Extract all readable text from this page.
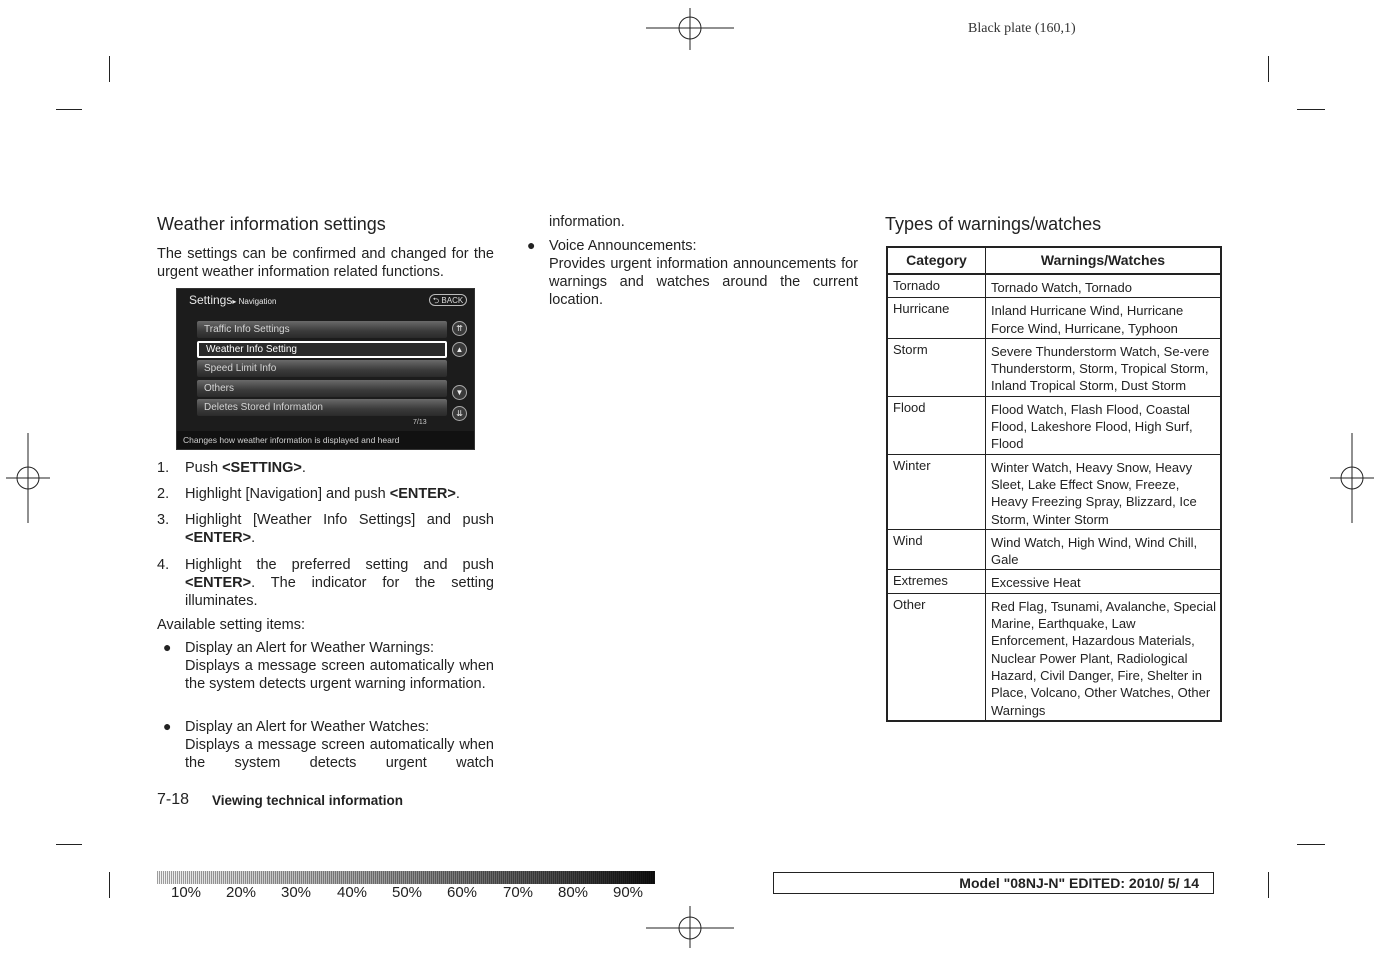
Black plate (160,1)
Weather information settings
The settings can be confirmed and changed for the urgent weather information related functions.
Settings▸ Navigation	⮌ BACK
Traffic Info Settings
Weather Info Setting
Speed Limit Info
Others
Deletes Stored Information
⇈
▲
▼
⇊
7/13
Changes how weather information is displayed and heard
1. Push <SETTING>.
2. Highlight [Navigation] and push <ENTER>.
3. Highlight [Weather Info Settings] and push <ENTER>.
4. Highlight the preferred setting and push <ENTER>. The indicator for the setting illuminates.
Available setting items:
● Display an Alert for Weather Warnings:
Displays a message screen automatically when the system detects urgent warning information.
● Display an Alert for Weather Watches:
Displays a message screen automatically when the system detects urgent watch
7-18 Viewing technical information
information.
● Voice Announcements:
Provides urgent information announcements for warnings and watches around the current location.
Types of warnings/watches
Category	Warnings/Watches
Tornado	Tornado Watch, Tornado
Hurricane	Inland Hurricane Wind, Hurricane Force Wind, Hurricane, Typhoon
Storm	Severe Thunderstorm Watch, Se-vere Thunderstorm, Storm, Tropical Storm, Inland Tropical Storm, Dust Storm
Flood	Flood Watch, Flash Flood, Coastal Flood, Lakeshore Flood, High Surf, Flood
Winter	Winter Watch, Heavy Snow, Heavy Sleet, Lake Effect Snow, Freeze, Heavy Freezing Spray, Blizzard, Ice Storm, Winter Storm
Wind	Wind Watch, High Wind, Wind Chill, Gale
Extremes	Excessive Heat
Other	Red Flag, Tsunami, Avalanche, Special Marine, Earthquake, Law Enforcement, Hazardous Materials, Nuclear Power Plant, Radiological Hazard, Civil Danger, Fire, Shelter in Place, Volcano, Other Watches, Other Warnings
10% 20% 30% 40% 50% 60% 70% 80% 90%
Model "08NJ-N" EDITED: 2010/ 5/ 14
